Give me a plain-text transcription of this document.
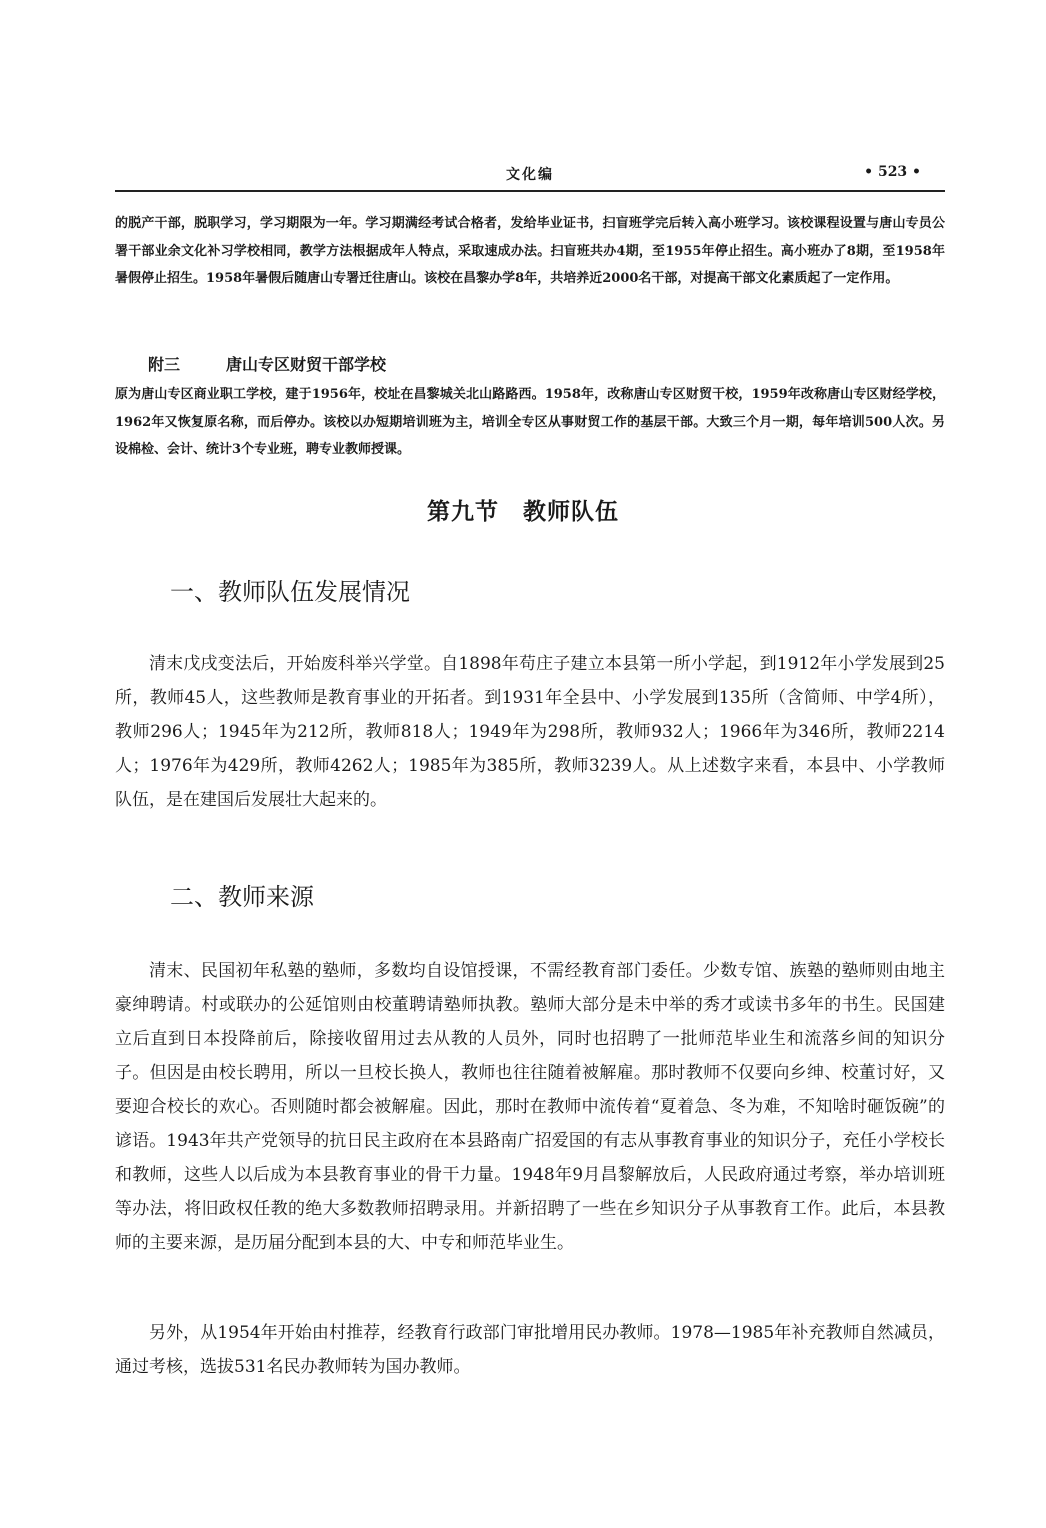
文化编	• 523 •

的脱产干部，脱职学习，学习期限为一年。学习期满经考试合格者，发给毕业证书，扫盲班学完后转入高小班学习。该校课程设置与唐山专员公署干部业余文化补习学校相同，教学方法根据成年人特点，采取速成办法。扫盲班共办4期，至1955年停止招生。高小班办了8期，至1958年暑假停止招生。1958年暑假后随唐山专署迁往唐山。该校在昌黎办学8年，共培养近2000名干部，对提高干部文化素质起了一定作用。

附三	唐山专区财贸干部学校

原为唐山专区商业职工学校，建于1956年，校址在昌黎城关北山路路西。1958年，改称唐山专区财贸干校，1959年改称唐山专区财经学校，1962年又恢复原名称，而后停办。该校以办短期培训班为主，培训全专区从事财贸工作的基层干部。大致三个月一期，每年培训500人次。另设棉检、会计、统计3个专业班，聘专业教师授课。

第九节　教师队伍
一、教师队伍发展情况

清末戊戌变法后，开始废科举兴学堂。自1898年苟庄子建立本县第一所小学起，到1912年小学发展到25所，教师45人，这些教师是教育事业的开拓者。到1931年全县中、小学发展到135所（含简师、中学4所），教师296人；1945年为212所，教师818人；1949年为298所，教师932人；1966年为346所，教师2214人；1976年为429所，教师4262人；1985年为385所，教师3239人。从上述数字来看，本县中、小学教师队伍，是在建国后发展壮大起来的。

二、教师来源

清末、民国初年私塾的塾师，多数均自设馆授课，不需经教育部门委任。少数专馆、族塾的塾师则由地主豪绅聘请。村或联办的公延馆则由校董聘请塾师执教。塾师大部分是未中举的秀才或读书多年的书生。民国建立后直到日本投降前后，除接收留用过去从教的人员外，同时也招聘了一批师范毕业生和流落乡间的知识分子。但因是由校长聘用，所以一旦校长换人，教师也往往随着被解雇。那时教师不仅要向乡绅、校董讨好，又要迎合校长的欢心。否则随时都会被解雇。因此，那时在教师中流传着“夏着急、冬为难，不知啥时砸饭碗”的谚语。1943年共产党领导的抗日民主政府在本县路南广招爱国的有志从事教育事业的知识分子，充任小学校长和教师，这些人以后成为本县教育事业的骨干力量。1948年9月昌黎解放后，人民政府通过考察，举办培训班等办法，将旧政权任教的绝大多数教师招聘录用。并新招聘了一些在乡知识分子从事教育工作。此后，本县教师的主要来源，是历届分配到本县的大、中专和师范毕业生。

另外，从1954年开始由村推荐，经教育行政部门审批增用民办教师。1978—1985年补充教师自然减员，通过考核，选拔531名民办教师转为国办教师。
